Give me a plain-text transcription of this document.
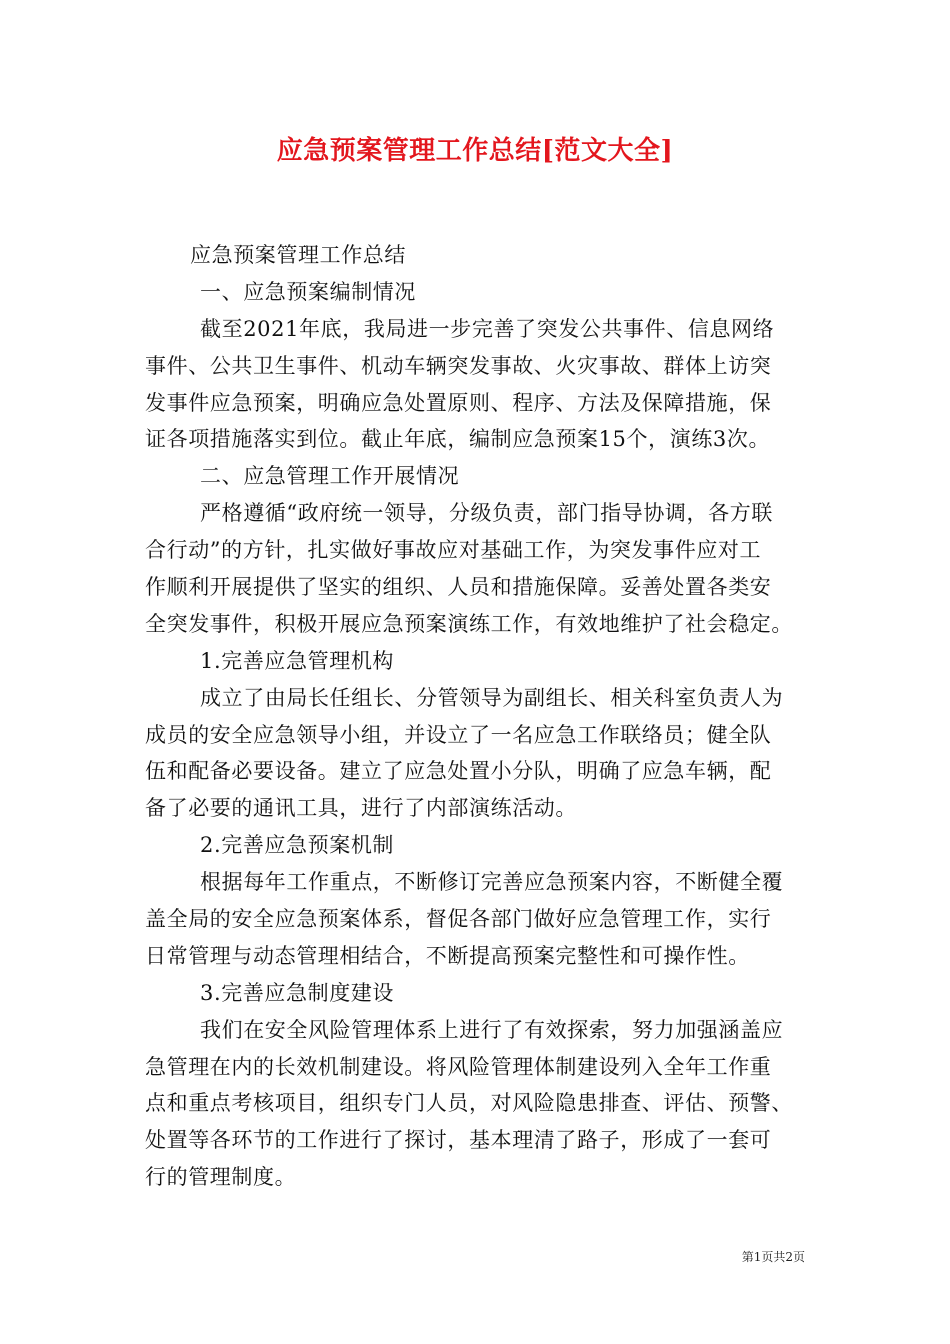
应急预案管理工作总结[范文大全]
应急预案管理工作总结
一、应急预案编制情况
截至2021年底，我局进一步完善了突发公共事件、信息网络
事件、公共卫生事件、机动车辆突发事故、火灾事故、群体上访突
发事件应急预案，明确应急处置原则、程序、方法及保障措施，保
证各项措施落实到位。截止年底，编制应急预案15个，演练3次。
二、应急管理工作开展情况
严格遵循“政府统一领导，分级负责，部门指导协调，各方联
合行动”的方针，扎实做好事故应对基础工作，为突发事件应对工
作顺利开展提供了坚实的组织、人员和措施保障。妥善处置各类安
全突发事件，积极开展应急预案演练工作，有效地维护了社会稳定。
1.完善应急管理机构
成立了由局长任组长、分管领导为副组长、相关科室负责人为
成员的安全应急领导小组，并设立了一名应急工作联络员；健全队
伍和配备必要设备。建立了应急处置小分队，明确了应急车辆，配
备了必要的通讯工具，进行了内部演练活动。
2.完善应急预案机制
根据每年工作重点，不断修订完善应急预案内容，不断健全覆
盖全局的安全应急预案体系，督促各部门做好应急管理工作，实行
日常管理与动态管理相结合，不断提高预案完整性和可操作性。
3.完善应急制度建设
我们在安全风险管理体系上进行了有效探索，努力加强涵盖应
急管理在内的长效机制建设。将风险管理体制建设列入全年工作重
点和重点考核项目，组织专门人员，对风险隐患排查、评估、预警、
处置等各环节的工作进行了探讨，基本理清了路子，形成了一套可
行的管理制度。
第1页共2页
